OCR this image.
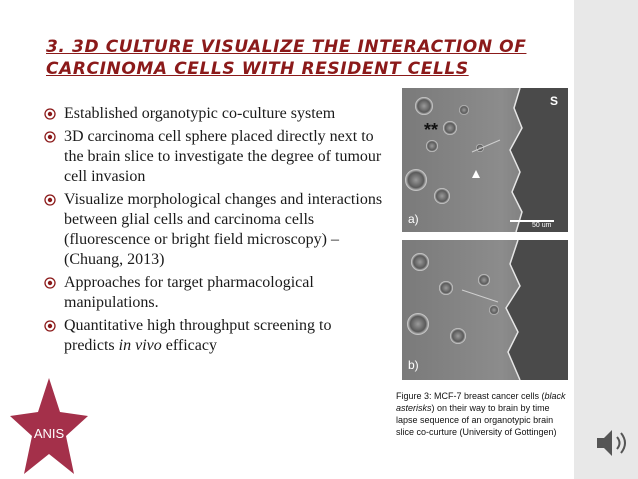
3. 3D CULTURE VISUALIZE THE INTERACTION OF CARCINOMA CELLS WITH RESIDENT CELLS
Established organotypic co-culture system
3D carcinoma cell sphere placed directly next to the brain slice to investigate the degree of tumour cell invasion
Visualize morphological changes and interactions between glial cells and carcinoma cells (fluorescence or bright field microscopy) – (Chuang, 2013)
Approaches for target pharmacological manipulations.
Quantitative high throughput screening to predicts in vivo efficacy
**
S
a)	50 um
b)
Figure 3: MCF-7 breast cancer cells (black asterisks) on their way to brain by time lapse sequence of an organotypic brain slice co-curture (University of Gottingen)
ANIS
